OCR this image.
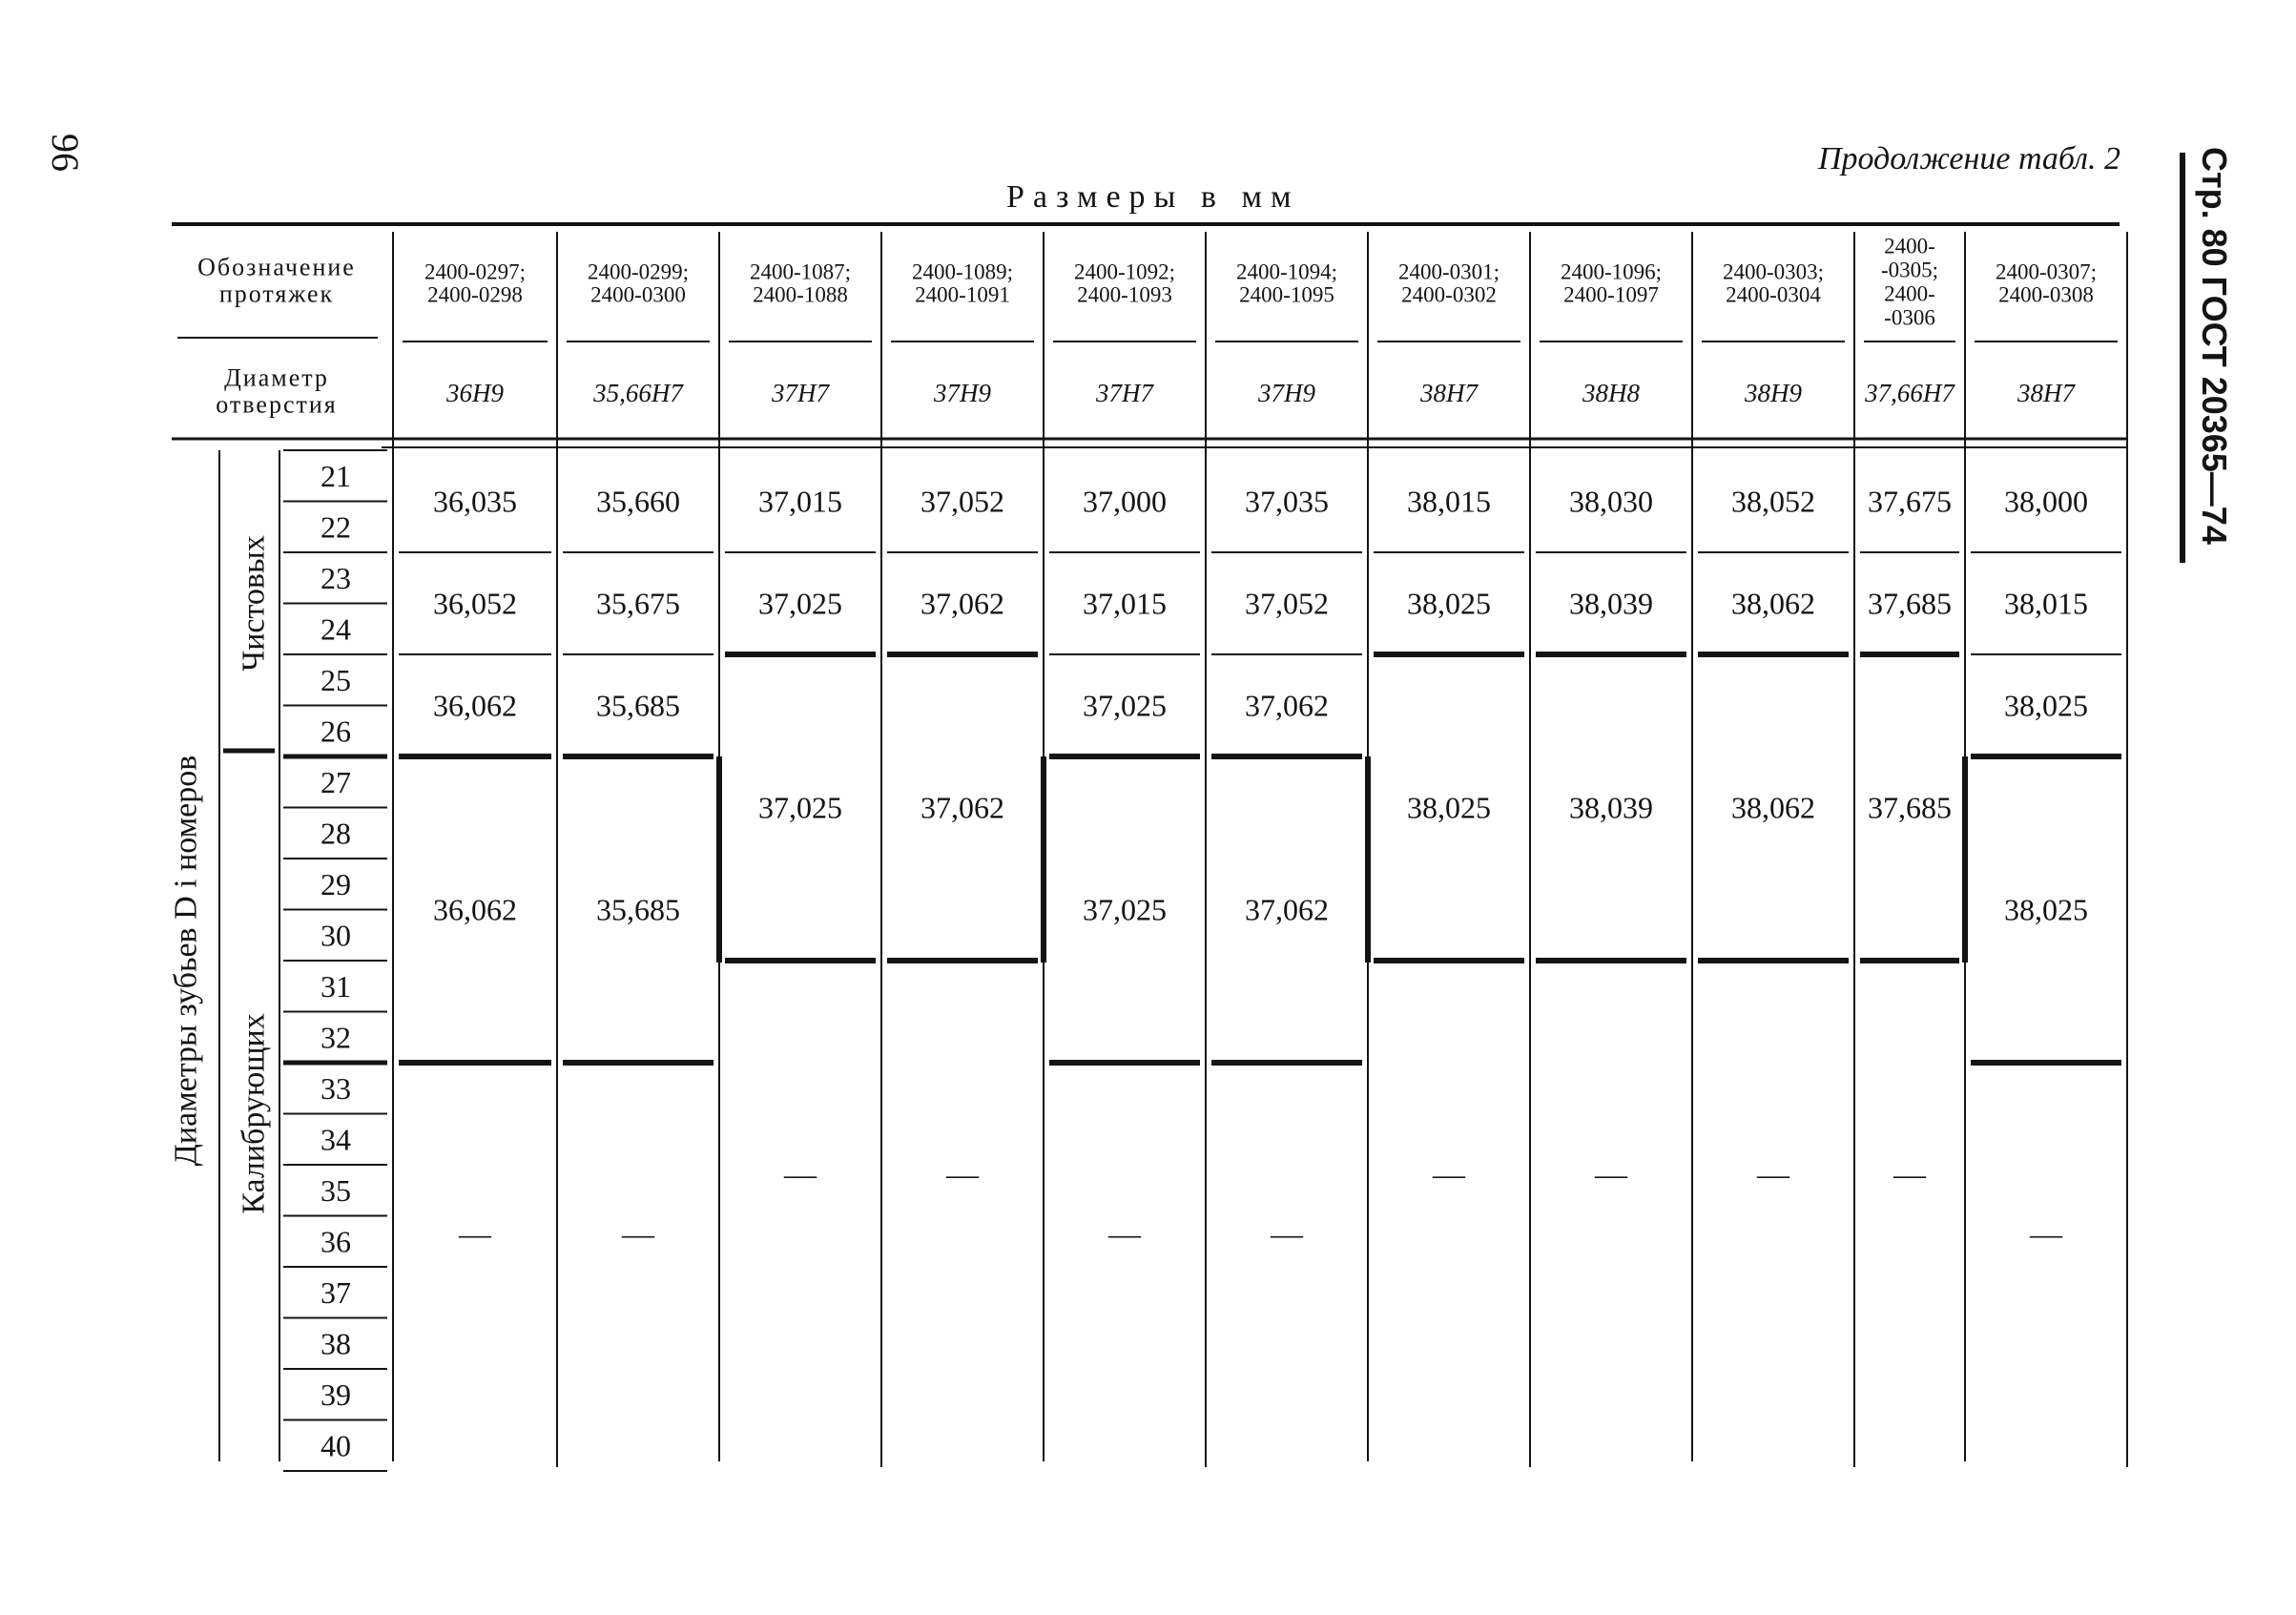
96	Продолжение табл. 2
Размеры в мм	Стр. 80 ГОСТ 20365—74
Обозначение
протяжек
Диаметр
отверстия
Диаметры зубьев D i номеров
Чистовых
Калибрующих
21
22
23
24
25
26
27
28
29
30
31
32
33
34
35
36
37
38
39
40
2400-0297;
2400-0298
36H9
36,035
36,052
36,062
36,062
—
2400-0299;
2400-0300
35,66H7
35,660
35,675
35,685
35,685
—
2400-1087;
2400-1088
37H7
37,015
37,025
37,025
—
2400-1089;
2400-1091
37H9
37,052
37,062
37,062
—
2400-1092;
2400-1093
37H7
37,000
37,015
37,025
37,025
—
2400-1094;
2400-1095
37H9
37,035
37,052
37,062
37,062
—
2400-0301;
2400-0302
38H7
38,015
38,025
38,025
—
2400-1096;
2400-1097
38H8
38,030
38,039
38,039
—
2400-0303;
2400-0304
38H9
38,052
38,062
38,062
—
2400-
-0305;
2400-
-0306
37,66H7
37,675
37,685
37,685
—
2400-0307;
2400-0308
38H7
38,000
38,015
38,025
38,025
—
